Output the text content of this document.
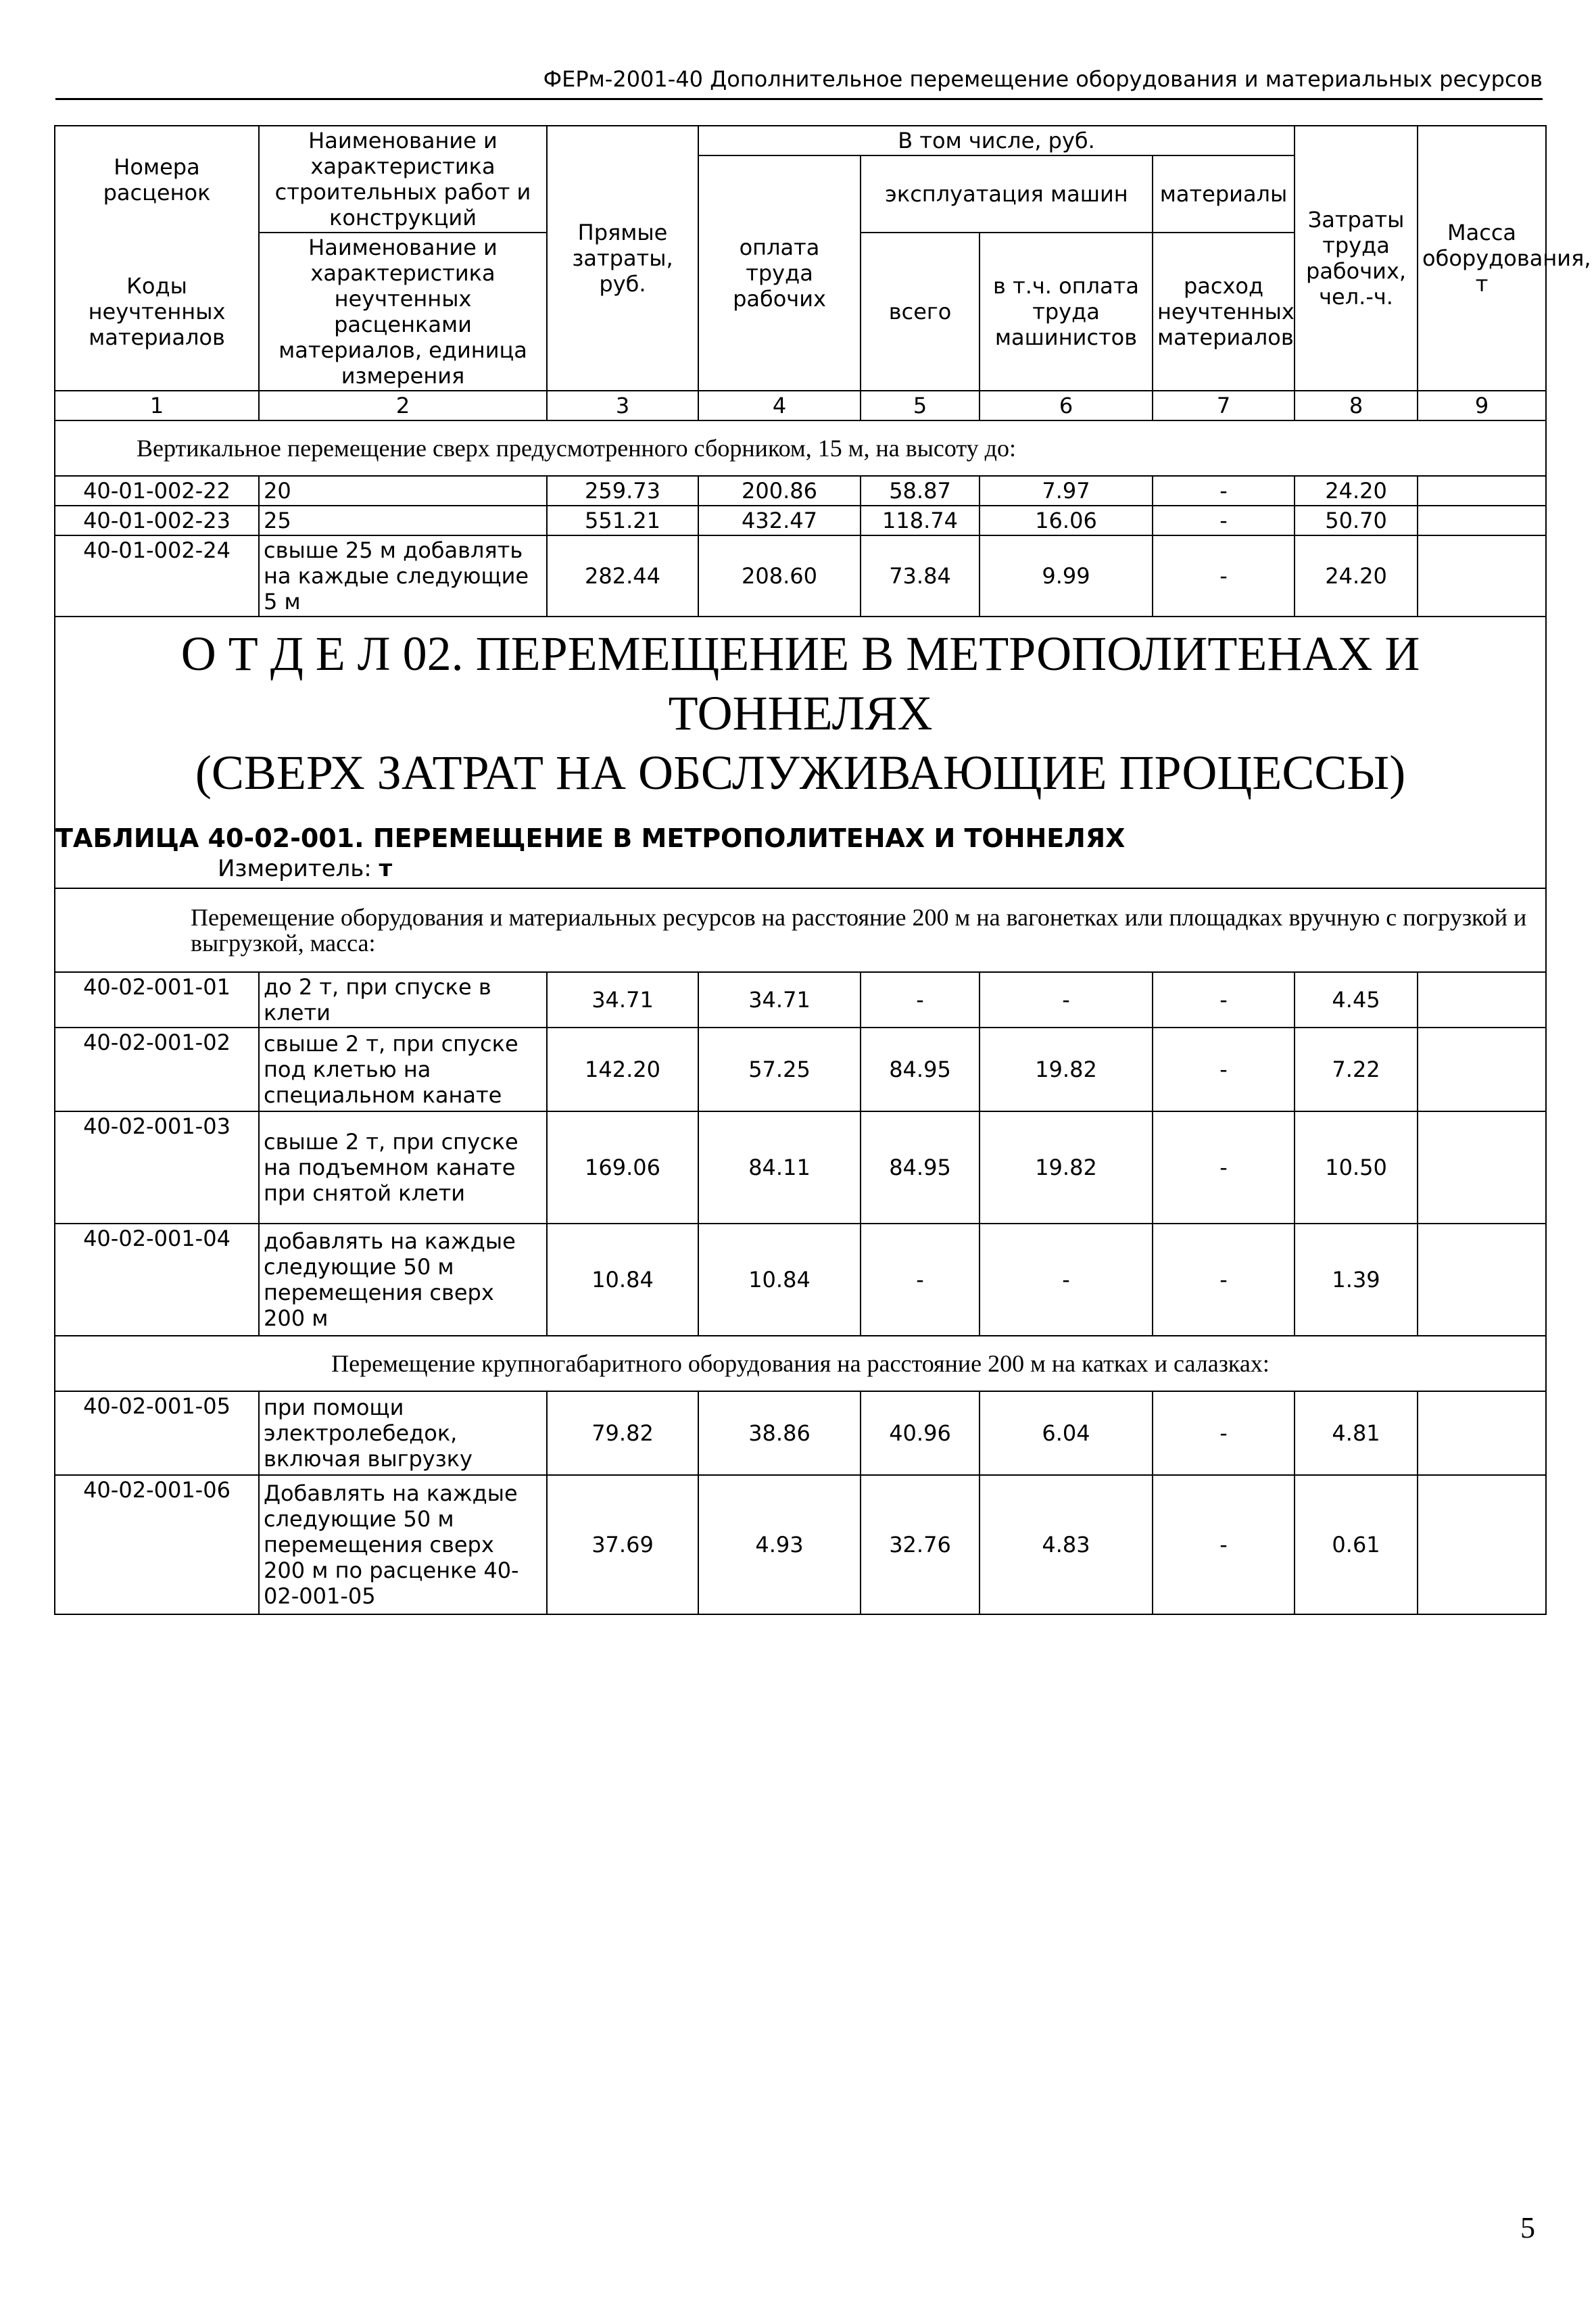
ФЕРм-2001-40 Дополнительное перемещение оборудования и материальных ресурсов
Номера расценок	Наименование и характеристика строительных работ и конструкций	Прямые затраты, руб.	В том числе, руб.				Затраты труда рабочих, чел.-ч.	Масса оборудования, т
			оплата труда рабочих	эксплуатация машин		материалы		

Коды неучтенных материалов	Наименование и характеристика неучтенных расценками материалов, единица измерения			всего	в т.ч. оплата труда машинистов	расход неучтенных материалов		

1	2	3	4	5	6	7	8	9
Вертикальное перемещение сверх предусмотренного сборником, 15 м, на высоту до:								
40-01-002-22	20	259.73	200.86	58.87	7.97	-	24.20	
40-01-002-23	25	551.21	432.47	118.74	16.06	-	50.70	
40-01-002-24	свыше 25 м добавлять на каждые следующие 5 м	282.44	208.60	73.84	9.99	-	24.20	

О Т Д Е Л 02. ПЕРЕМЕЩЕНИЕ В МЕТРОПОЛИТЕНАХ И ТОННЕЛЯХ
(СВЕРХ ЗАТРАТ НА ОБСЛУЖИВАЮЩИЕ ПРОЦЕССЫ)
ТАБЛИЦА 40-02-001. ПЕРЕМЕЩЕНИЕ В МЕТРОПОЛИТЕНАХ И ТОННЕЛЯХ
Измеритель: т								

Перемещение оборудования и материальных ресурсов на расстояние 200 м на вагонетках или площадках вручную с погрузкой и выгрузкой, масса:								
40-02-001-01	до 2 т, при спуске в клети	34.71	34.71	-	-	-	4.45	
40-02-001-02	свыше 2 т, при спуске под клетью на специальном канате	142.20	57.25	84.95	19.82	-	7.22	
40-02-001-03	свыше 2 т, при спуске на подъемном канате при снятой клети	169.06	84.11	84.95	19.82	-	10.50	
40-02-001-04	добавлять на каждые следующие 50 м перемещения сверх 200 м	10.84	10.84	-	-	-	1.39	
Перемещение крупногабаритного оборудования на расстояние 200 м на катках и салазках:								
40-02-001-05	при помощи электролебедок, включая выгрузку	79.82	38.86	40.96	6.04	-	4.81	
40-02-001-06	Добавлять на каждые следующие 50 м перемещения сверх 200 м по расценке 40-02-001-05	37.69	4.93	32.76	4.83	-	0.61	
5
